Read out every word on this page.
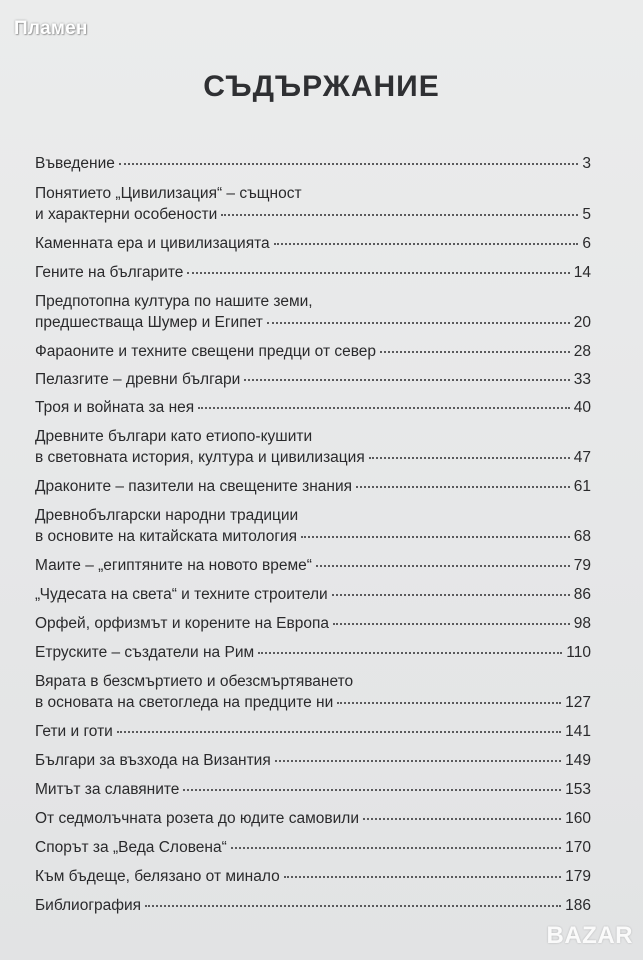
Пламен
СЪДЪРЖАНИЕ
Въведение	3
Понятието „Цивилизация“ – същност
и характерни особености	5
Каменната ера и цивилизацията	6
Гените на българите	14
Предпотопна култура по нашите земи,
предшестваща Шумер и Египет	20
Фараоните и техните свещени предци от север	28
Пелазгите – древни българи	33
Троя и войната за нея	40
Древните българи като етиопо-кушити
в световната история, култура и цивилизация	47
Драконите – пазители на свещените знания	61
Древнобългарски народни традиции
в основите на китайската митология	68
Маите – „египтяните на новото време“	79
„Чудесата на света“ и техните строители	86
Орфей, орфизмът и корените на Европа	98
Етруските – създатели на Рим	110
Вярата в безсмъртието и обезсмъртяването
в основата на светогледа на предците ни	127
Гети и готи	141
Българи за възхода на Византия	149
Митът за славяните	153
От седмолъчната розета до юдите самовили	160
Спорът за „Веда Словена“	170
Към бъдеще, белязано от минало	179
Библиография	186
BAZAR
